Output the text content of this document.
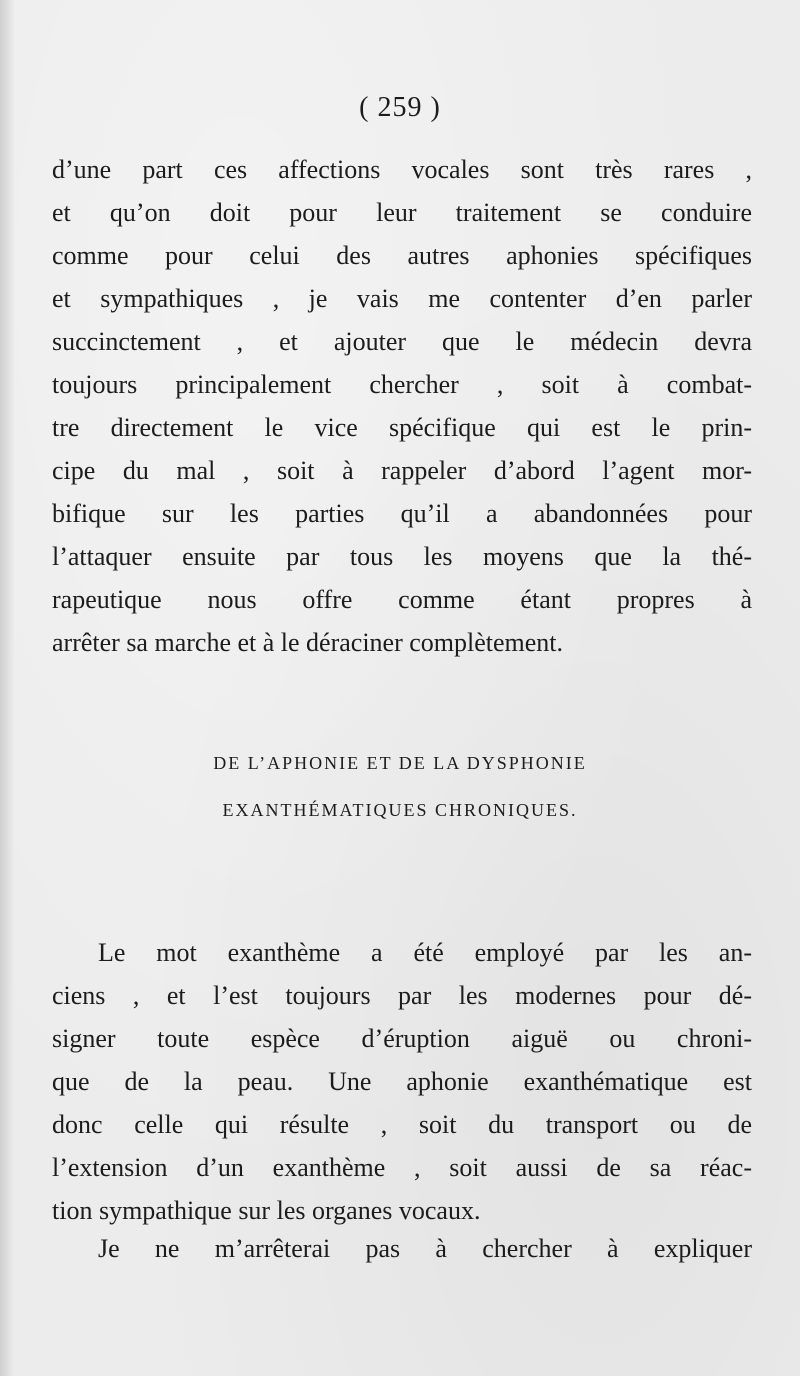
( 259 )

d’une part ces affections vocales sont très rares ,
et qu’on doit pour leur traitement se conduire
comme pour celui des autres aphonies spécifiques
et sympathiques , je vais me contenter d’en parler
succinctement , et ajouter que le médecin devra
toujours principalement chercher , soit à combat-
tre directement le vice spécifique qui est le prin-
cipe du mal , soit à rappeler d’abord l’agent mor-
bifique sur les parties qu’il a abandonnées pour
l’attaquer ensuite par tous les moyens que la thé-
rapeutique nous offre comme étant propres à
arrêter sa marche et à le déraciner complètement.

DE L’APHONIE ET DE LA DYSPHONIE
EXANTHÉMATIQUES CHRONIQUES.

Le mot exanthème a été employé par les an-
ciens , et l’est toujours par les modernes pour dé-
signer toute espèce d’éruption aiguë ou chroni-
que de la peau. Une aphonie exanthématique est
donc celle qui résulte , soit du transport ou de
l’extension d’un exanthème , soit aussi de sa réac-
tion sympathique sur les organes vocaux.

Je ne m’arrêterai pas à chercher à expliquer
